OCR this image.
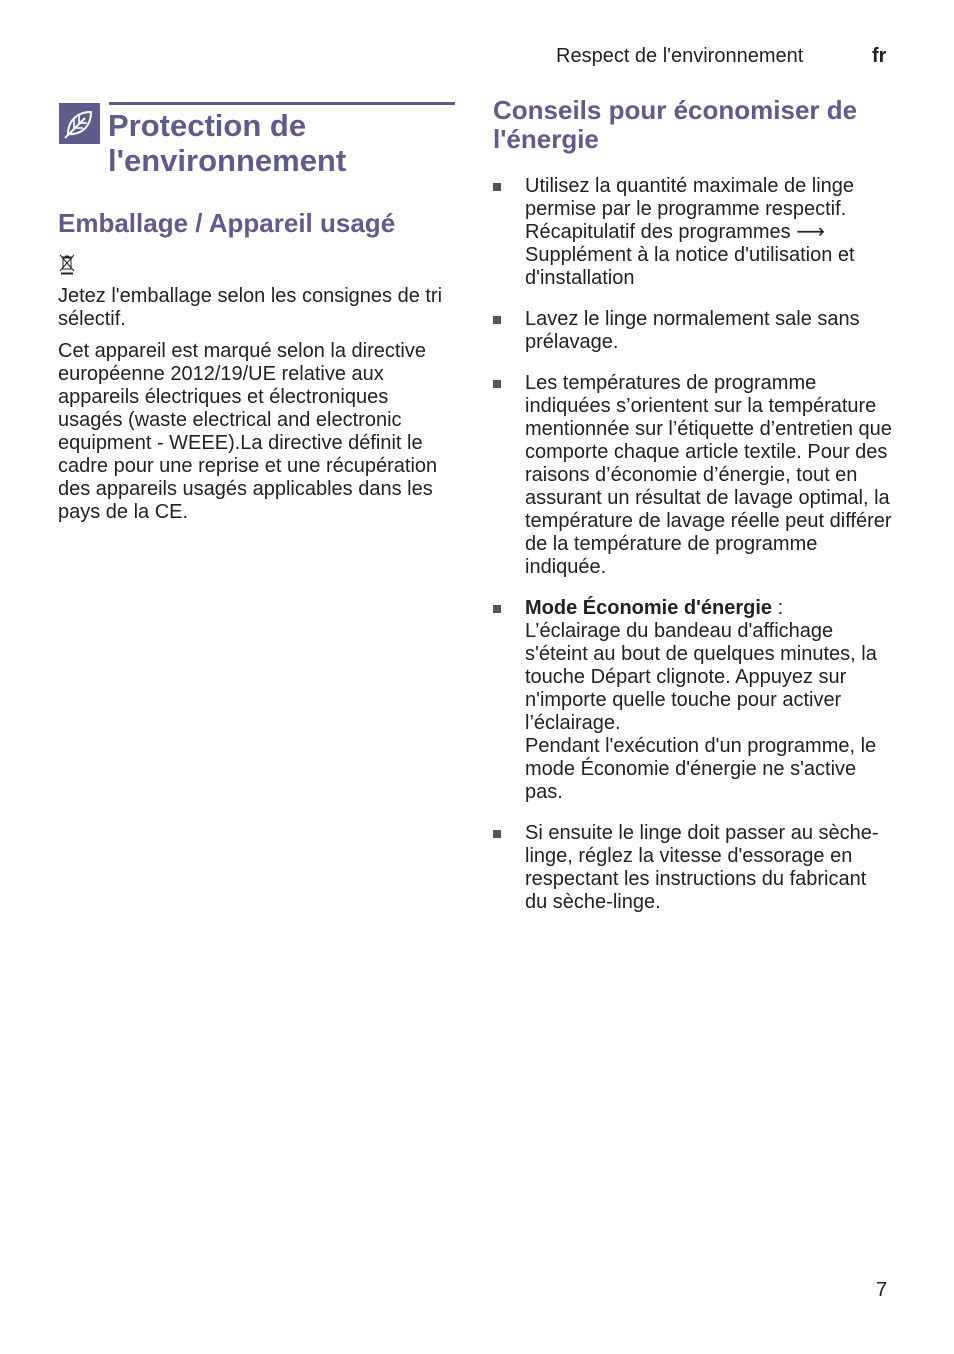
Respect de l'environnement	fr
Protection de
l'environnement
Emballage / Appareil usagé

Jetez l'emballage selon les consignes de tri sélectif.

Cet appareil est marqué selon la directive européenne 2012/19/UE relative aux appareils électriques et électroniques usagés (waste electrical and electronic equipment - WEEE).La directive définit le cadre pour une reprise et une récupération des appareils usagés applicables dans les pays de la CE.

Conseils pour économiser de l'énergie
Utilisez la quantité maximale de linge permise par le programme respectif. Récapitulatif des programmes ⟶ Supplément à la notice d'utilisation et d'installation
Lavez le linge normalement sale sans prélavage.
Les températures de programme indiquées s’orientent sur la température mentionnée sur l’étiquette d’entretien que comporte chaque article textile. Pour des raisons d’économie d’énergie, tout en assurant un résultat de lavage optimal, la température de lavage réelle peut différer de la température de programme indiquée.
Mode Économie d'énergie :
L’éclairage du bandeau d'affichage s'éteint au bout de quelques minutes, la touche Départ clignote. Appuyez sur n'importe quelle touche pour activer l’éclairage.
Pendant l'exécution d'un programme, le mode Économie d'énergie ne s'active pas.
Si ensuite le linge doit passer au sèche-linge, réglez la vitesse d'essorage en respectant les instructions du fabricant du sèche-linge.
7
